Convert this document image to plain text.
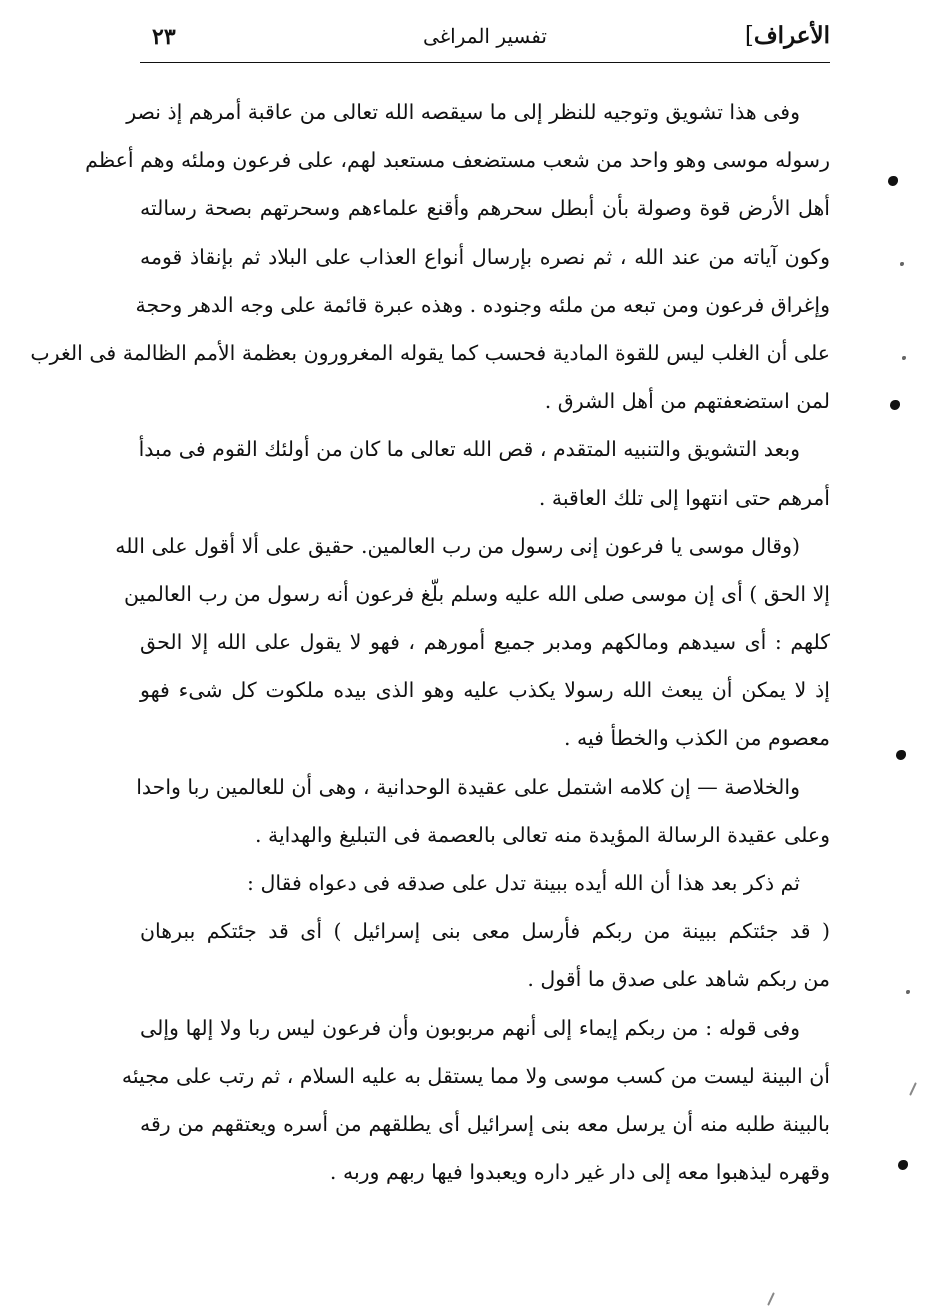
الأعراف]
تفسير المراغى
٢٣
وفى هذا تشويق وتوجيه للنظر إلى ما سيقصه الله تعالى من عاقبة أمرهم إذ نصر
رسوله موسى وهو واحد من شعب مستضعف مستعبد لهم، على فرعون وملئه وهم أعظم
أهل الأرض قوة وصولة بأن أبطل سحرهم وأقنع علماءهم وسحرتهم بصحة رسالته
وكون آياته من عند الله ، ثم نصره بإرسال أنواع العذاب على البلاد ثم بإنقاذ قومه
وإغراق فرعون ومن تبعه من ملئه وجنوده . وهذه عبرة قائمة على وجه الدهر وحجة
على أن الغلب ليس للقوة المادية فحسب كما يقوله المغرورون بعظمة الأمم الظالمة فى الغرب
لمن استضعفتهم من أهل الشرق .
وبعد التشويق والتنبيه المتقدم ، قص الله تعالى ما كان من أولئك القوم فى مبدأ
أمرهم حتى انتهوا إلى تلك العاقبة .
(وقال موسى يا فرعون إنى رسول من رب العالمين. حقيق على ألا أقول على الله
إلا الحق ) أى إن موسى صلى الله عليه وسلم بلّغ فرعون أنه رسول من رب العالمين
كلهم : أى سيدهم ومالكهم ومدبر جميع أمورهم ، فهو لا يقول على الله إلا الحق
إذ لا يمكن أن يبعث الله رسولا يكذب عليه وهو الذى بيده ملكوت كل شىء فهو
معصوم من الكذب والخطأ فيه .
والخلاصة — إن كلامه اشتمل على عقيدة الوحدانية ، وهى أن للعالمين ربا واحدا
وعلى عقيدة الرسالة المؤيدة منه تعالى بالعصمة فى التبليغ والهداية .
ثم ذكر بعد هذا أن الله أيده ببينة تدل على صدقه فى دعواه فقال :
( قد جئتكم ببينة من ربكم فأرسل معى بنى إسرائيل ) أى قد جئتكم ببرهان
من ربكم شاهد على صدق ما أقول .
وفى قوله : من ربكم إيماء إلى أنهم مربوبون وأن فرعون ليس ربا ولا إلها وإلى
أن البينة ليست من كسب موسى ولا مما يستقل به عليه السلام ، ثم رتب على مجيئه
بالبينة طلبه منه أن يرسل معه بنى إسرائيل أى يطلقهم من أسره ويعتقهم من رقه
وقهره ليذهبوا معه إلى دار غير داره ويعبدوا فيها ربهم وربه .
